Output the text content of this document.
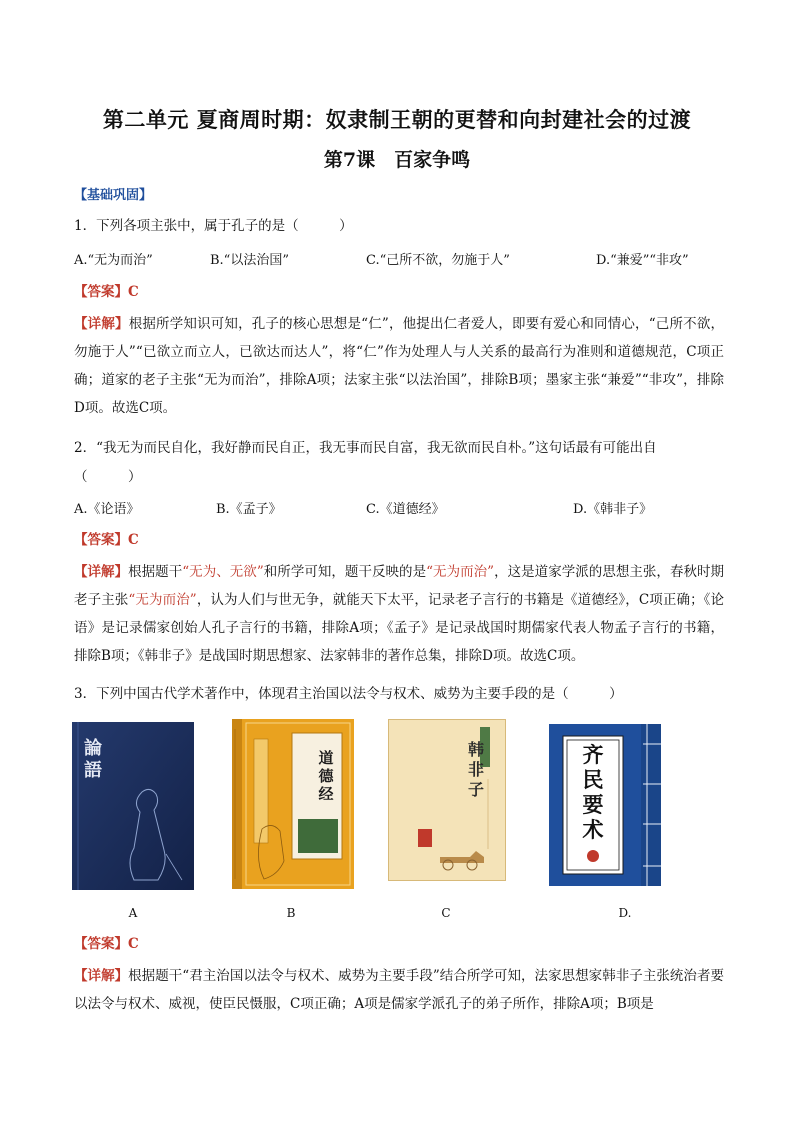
第二单元 夏商周时期：奴隶制王朝的更替和向封建社会的过渡
第7课　百家争鸣
【基础巩固】
1．下列各项主张中，属于孔子的是（　　　）
A.“无为而治”	B.“以法治国”	C.“己所不欲，勿施于人”	D.“兼爱”“非攻”
【答案】C

【详解】根据所学知识可知，孔子的核心思想是“仁”，他提出仁者爱人，即要有爱心和同情心，“己所不欲，勿施于人”“已欲立而立人，已欲达而达人”，将“仁”作为处理人与人关系的最高行为准则和道德规范，C项正确；道家的老子主张“无为而治”，排除A项；法家主张“以法治国”，排除B项；墨家主张“兼爱”“非攻”，排除D项。故选C项。

2．“我无为而民自化，我好静而民自正，我无事而民自富，我无欲而民自朴。”这句话最有可能出自
（　　　）
A.《论语》	B.《孟子》	C.《道德经》	D.《韩非子》
【答案】C

【详解】根据题干“无为、无欲”和所学可知，题干反映的是“无为而治”，这是道家学派的思想主张，春秋时期老子主张“无为而治”，认为人们与世无争，就能天下太平，记录老子言行的书籍是《道德经》，C项正确；《论语》是记录儒家创始人孔子言行的书籍，排除A项；《孟子》是记录战国时期儒家代表人物孟子言行的书籍，排除B项；《韩非子》是战国时期思想家、法家韩非的著作总集，排除D项。故选C项。

3．下列中国古代学术著作中，体现君主治国以法令与权术、威势为主要手段的是（　　　）
論語
道德经
韩非子
齐民要术
A	B	C	D.
【答案】C

【详解】根据题干“君主治国以法令与权术、威势为主要手段”结合所学可知，法家思想家韩非子主张统治者要以法令与权术、威视，使臣民慑服，C项正确；A项是儒家学派孔子的弟子所作，排除A项；B项是
